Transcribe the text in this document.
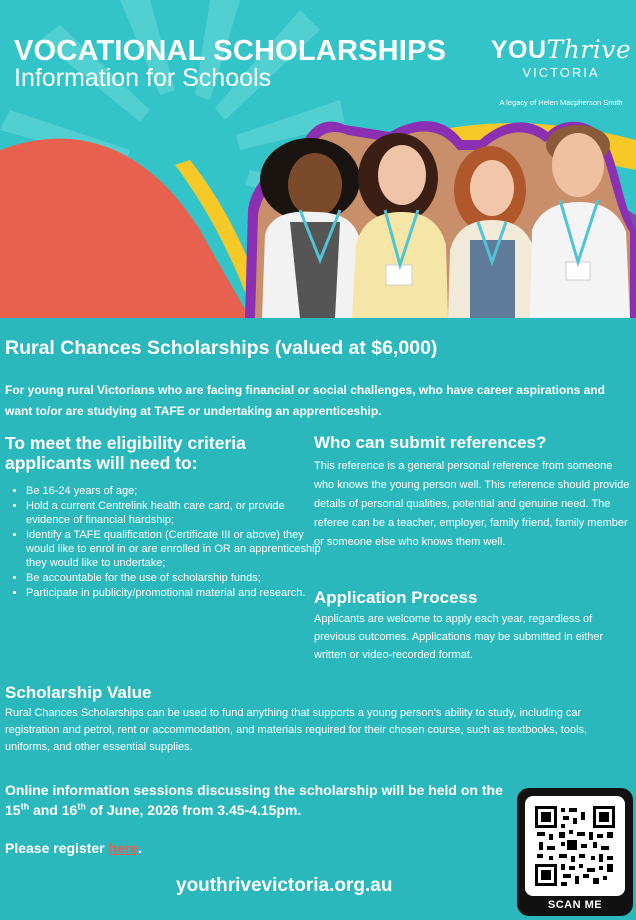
VOCATIONAL SCHOLARSHIPS
Information for Schools
YOUThrive
VICTORIA
A legacy of Helen Macpherson Smith
Rural Chances Scholarships (valued at $6,000)
For young rural Victorians who are facing financial or social challenges, who have career aspirations and want to/or are studying at TAFE or undertaking an apprenticeship.
To meet the eligibility criteria applicants will need to:
• Be 16-24 years of age;
• Hold a current Centrelink health care card, or provide evidence of financial hardship;
• Identify a TAFE qualification (Certificate III or above) they would like to enrol in or are enrolled in OR an apprenticeship they would like to undertake;
• Be accountable for the use of scholarship funds;
• Participate in publicity/promotional material and research.
Who can submit references?
This reference is a general personal reference from someone who knows the young person well. This reference should provide details of personal qualities, potential and genuine need. The referee can be a teacher, employer, family friend, family member or someone else who knows them well.
Application Process
Applicants are welcome to apply each year, regardless of previous outcomes. Applications may be submitted in either written or video-recorded format.
Scholarship Value
Rural Chances Scholarships can be used to fund anything that supports a young person’s ability to study, including car registration and petrol, rent or accommodation, and materials required for their chosen course, such as textbooks, tools, uniforms, and other essential supplies.
Online information sessions discussing the scholarship will be held on the 15th and 16th of June, 2026 from 3.45-4.15pm.
Please register here.
youthrivevictoria.org.au
SCAN ME
